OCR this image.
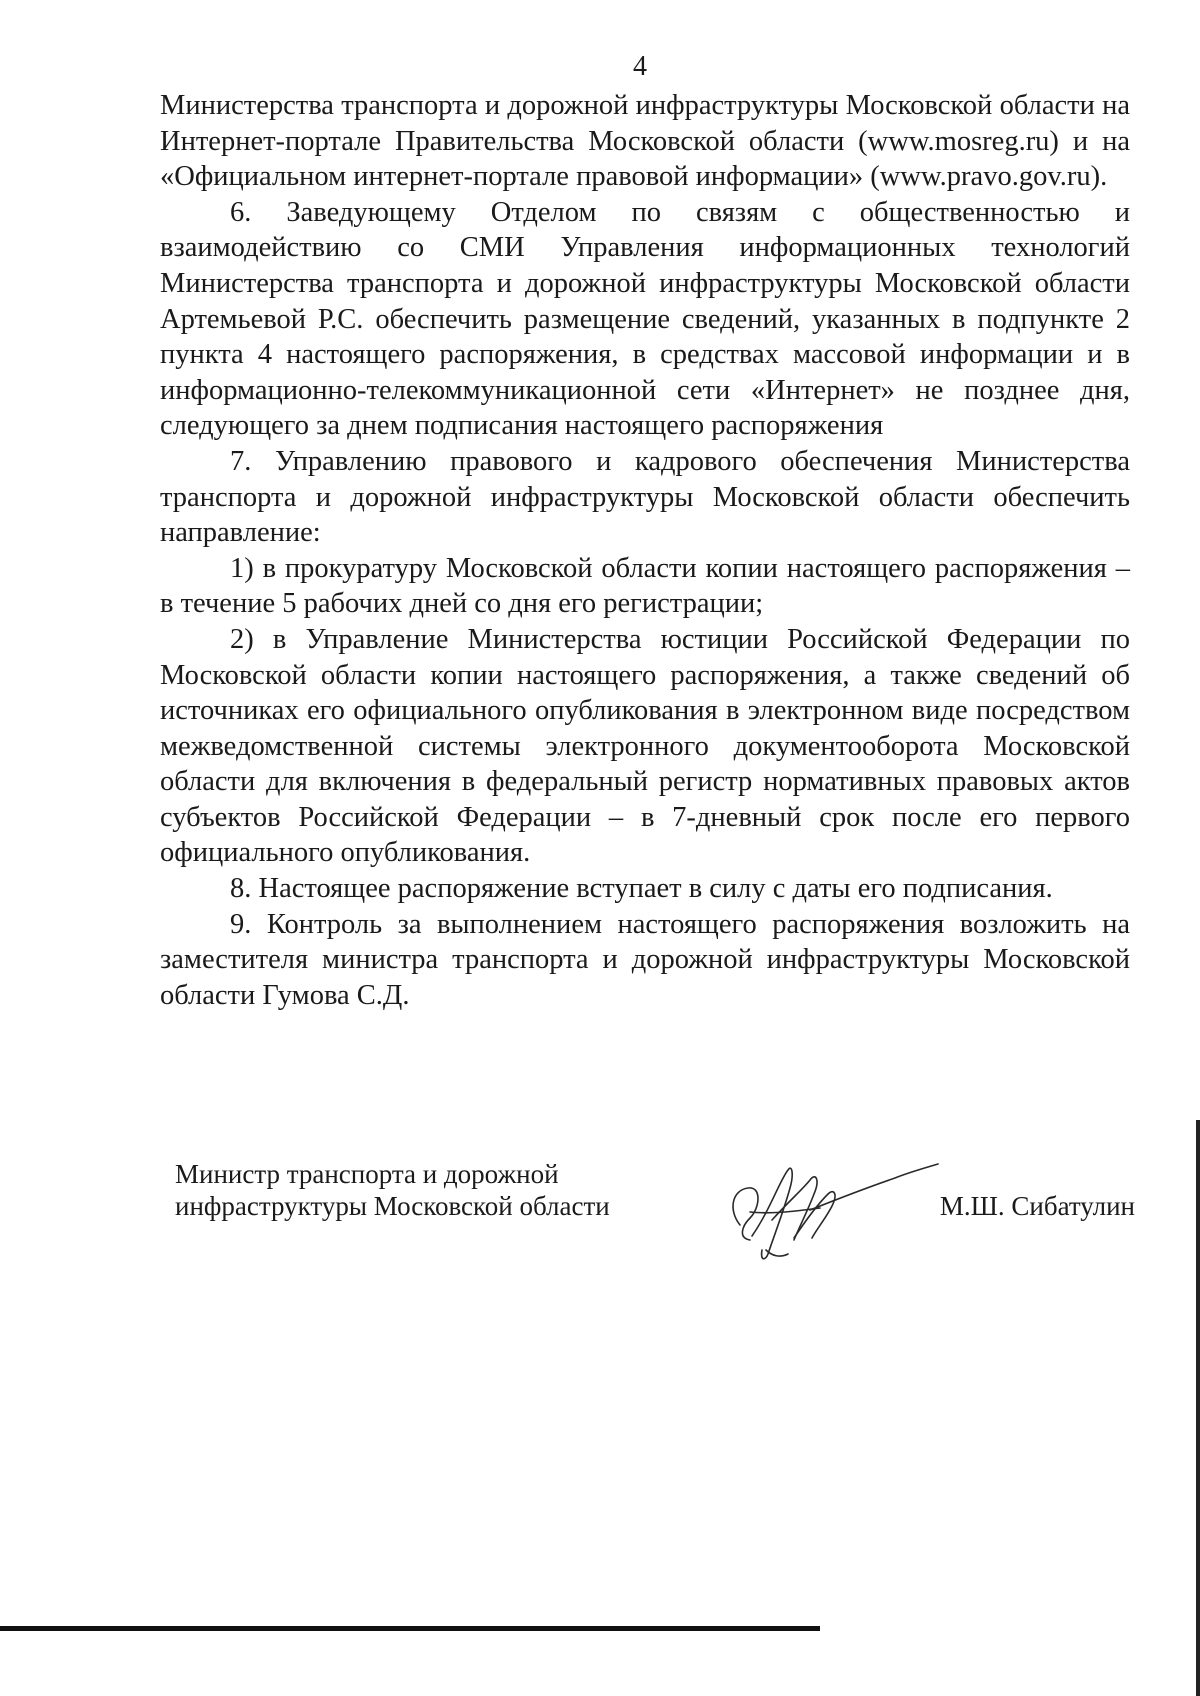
4

Министерства транспорта и дорожной инфраструктуры Московской области на Интернет-портале Правительства Московской области (www.mosreg.ru) и на «Официальном интернет-портале правовой информации» (www.pravo.gov.ru).

6. Заведующему Отделом по связям с общественностью и взаимодействию со СМИ Управления информационных технологий Министерства транспорта и дорожной инфраструктуры Московской области Артемьевой Р.С. обеспечить размещение сведений, указанных в подпункте 2 пункта 4 настоящего распоряжения, в средствах массовой информации и в информационно-телекоммуникационной сети «Интернет» не позднее дня, следующего за днем подписания настоящего распоряжения

7. Управлению правового и кадрового обеспечения Министерства транспорта и дорожной инфраструктуры Московской области обеспечить направление:

1) в прокуратуру Московской области копии настоящего распоряжения – в течение 5 рабочих дней со дня его регистрации;

2) в Управление Министерства юстиции Российской Федерации по Московской области копии настоящего распоряжения, а также сведений об источниках его официального опубликования в электронном виде посредством межведомственной системы электронного документооборота Московской области для включения в федеральный регистр нормативных правовых актов субъектов Российской Федерации – в 7-дневный срок после его первого официального опубликования.

8. Настоящее распоряжение вступает в силу с даты его подписания.

9. Контроль за выполнением настоящего распоряжения возложить на заместителя министра транспорта и дорожной инфраструктуры Московской области Гумова С.Д.

Министр транспорта и дорожной
инфраструктуры Московской области	М.Ш. Сибатулин
